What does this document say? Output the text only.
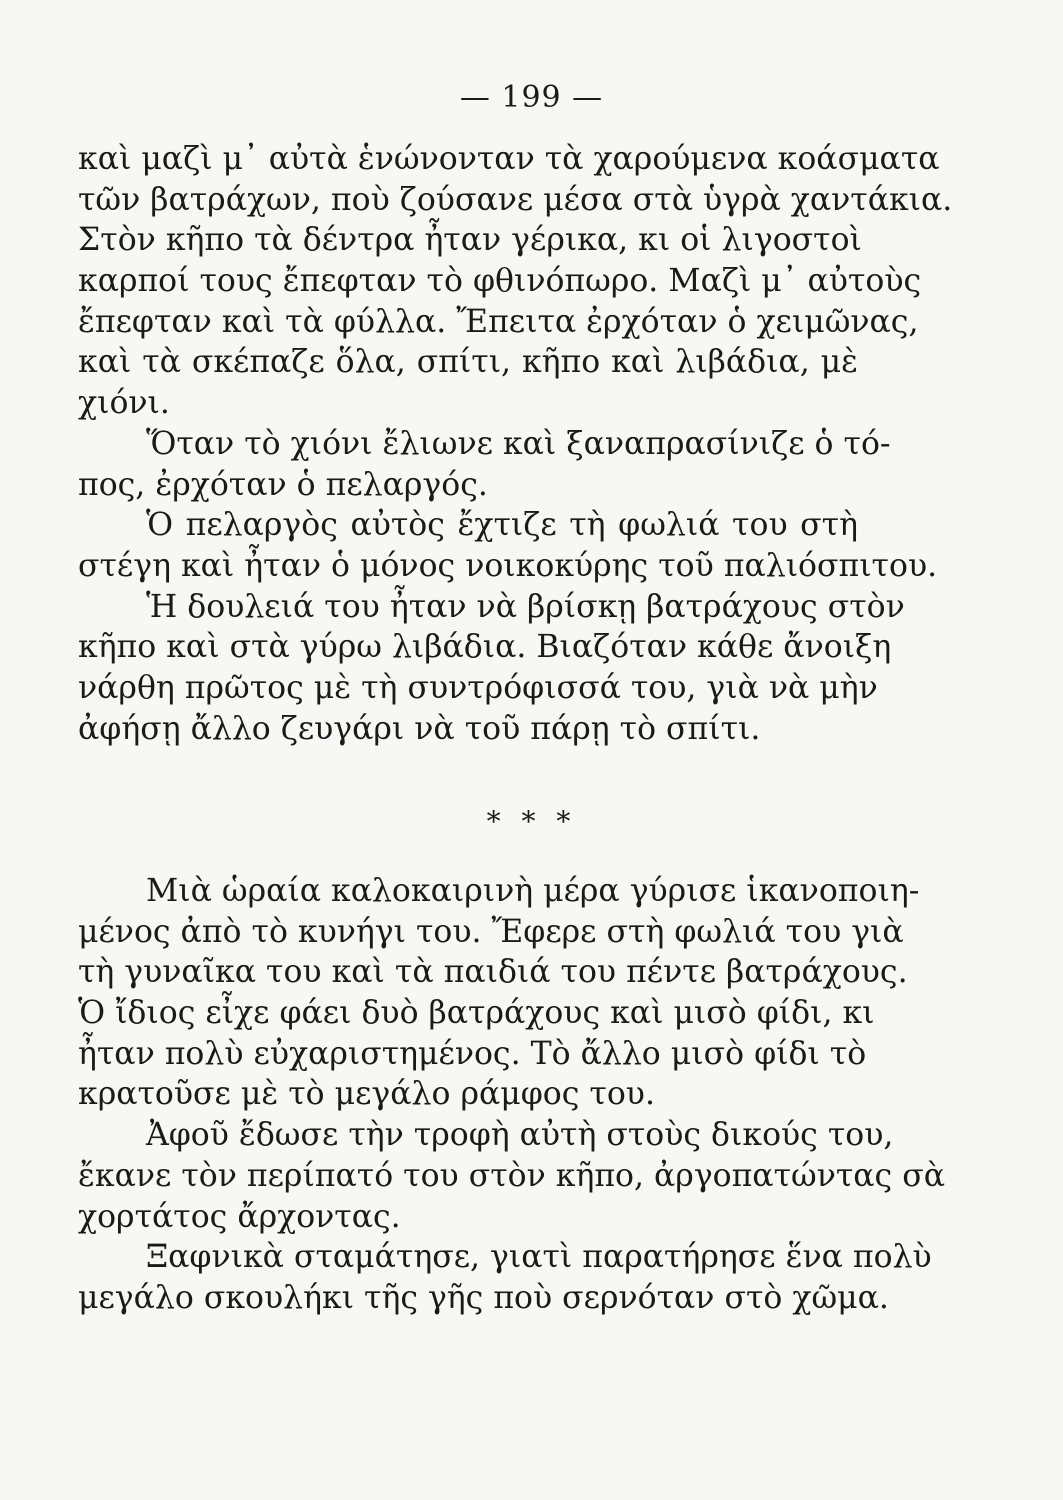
— 199 —
καὶ μαζὶ μ᾽ αὐτὰ ἑνώνονταν τὰ χαρούμενα κοάσματα
τῶν βατράχων, ποὺ ζούσανε μέσα στὰ ὑγρὰ χαντάκια.
Στὸν κῆπο τὰ δέντρα ἦταν γέρικα, κι οἱ λιγοστοὶ
καρποί τους ἔπεφταν τὸ φθινόπωρο. Μαζὶ μ᾽ αὐτοὺς
ἔπεφταν καὶ τὰ φύλλα. Ἔπειτα ἐρχόταν ὁ χειμῶνας,
καὶ τὰ σκέπαζε ὅλα, σπίτι, κῆπο καὶ λιβάδια, μὲ
χιόνι.
Ὅταν τὸ χιόνι ἔλιωνε καὶ ξαναπρασίνιζε ὁ τό-
πος, ἐρχόταν ὁ πελαργός.
Ὁ πελαργὸς αὐτὸς ἔχτιζε τὴ φωλιά του στὴ
στέγη καὶ ἦταν ὁ μόνος νοικοκύρης τοῦ παλιόσπιτου.
Ἡ δουλειά του ἦταν νὰ βρίσκῃ βατράχους στὸν
κῆπο καὶ στὰ γύρω λιβάδια. Βιαζόταν κάθε ἄνοιξη
νάρθη πρῶτος μὲ τὴ συντρόφισσά του, γιὰ νὰ μὴν
ἀφήσῃ ἄλλο ζευγάρι νὰ τοῦ πάρῃ τὸ σπίτι.
* * *
Μιὰ ὡραία καλοκαιρινὴ μέρα γύρισε ἱκανοποιη-
μένος ἀπὸ τὸ κυνήγι του. Ἔφερε στὴ φωλιά του γιὰ
τὴ γυναῖκα του καὶ τὰ παιδιά του πέντε βατράχους.
Ὁ ἴδιος εἶχε φάει δυὸ βατράχους καὶ μισὸ φίδι, κι
ἦταν πολὺ εὐχαριστημένος. Τὸ ἄλλο μισὸ φίδι τὸ
κρατοῦσε μὲ τὸ μεγάλο ράμφος του.
Ἀφοῦ ἔδωσε τὴν τροφὴ αὐτὴ στοὺς δικούς του,
ἔκανε τὸν περίπατό του στὸν κῆπο, ἀργοπατώντας σὰ
χορτάτος ἄρχοντας.
Ξαφνικὰ σταμάτησε, γιατὶ παρατήρησε ἕνα πολὺ
μεγάλο σκουλήκι τῆς γῆς ποὺ σερνόταν στὸ χῶμα.
